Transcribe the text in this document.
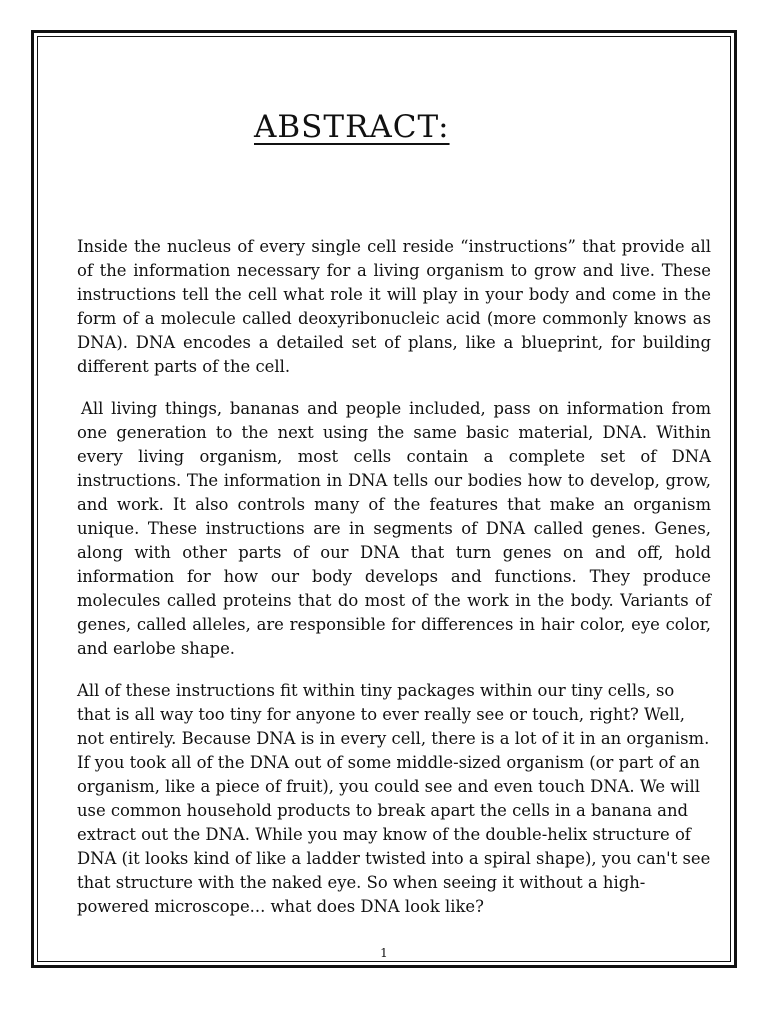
ABSTRACT:

Inside the nucleus of every single cell reside “instructions” that provide all of the information necessary for a living organism to grow and live. These instructions tell the cell what role it will play in your body and come in the form of a molecule called deoxyribonucleic acid (more commonly knows as DNA). DNA encodes a detailed set of plans, like a blueprint, for building different parts of the cell.

All living things, bananas and people included, pass on information from one generation to the next using the same basic material, DNA. Within every living organism, most cells contain a complete set of DNA instructions. The information in DNA tells our bodies how to develop, grow, and work. It also controls many of the features that make an organism unique. These instructions are in segments of DNA called genes. Genes, along with other parts of our DNA that turn genes on and off, hold information for how our body develops and functions. They produce molecules called proteins that do most of the work in the body. Variants of genes, called alleles, are responsible for differences in hair color, eye color, and earlobe shape.

All of these instructions fit within tiny packages within our tiny cells, so that is all way too tiny for anyone to ever really see or touch, right? Well, not entirely. Because DNA is in every cell, there is a lot of it in an organism. If you took all of the DNA out of some middle-sized organism (or part of an organism, like a piece of fruit), you could see and even touch DNA. We will use common household products to break apart the cells in a banana and extract out the DNA. While you may know of the double-helix structure of DNA (it looks kind of like a ladder twisted into a spiral shape), you can't see that structure with the naked eye. So when seeing it without a high-powered microscope... what does DNA look like?

1
